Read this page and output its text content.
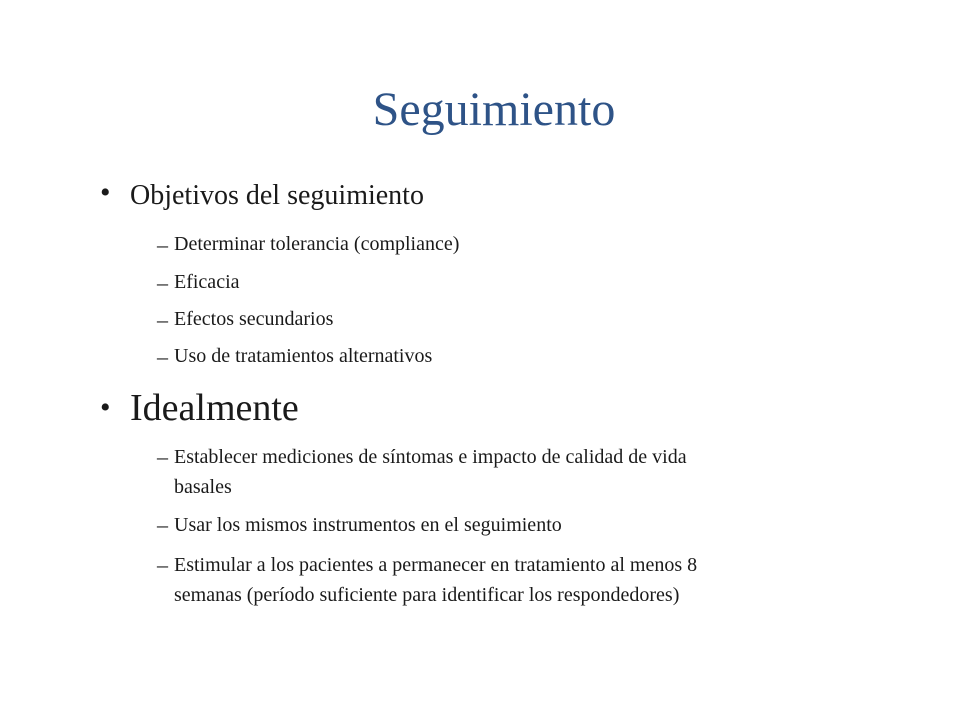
Seguimiento
• Objetivos del seguimiento
– Determinar tolerancia (compliance)
– Eficacia
– Efectos secundarios
– Uso de tratamientos alternativos
• Idealmente
– Establecer mediciones de síntomas e impacto de calidad de vida
basales
– Usar los mismos instrumentos en el seguimiento
– Estimular a los pacientes a permanecer en tratamiento al menos 8
semanas (período suficiente para identificar los respondedores)
